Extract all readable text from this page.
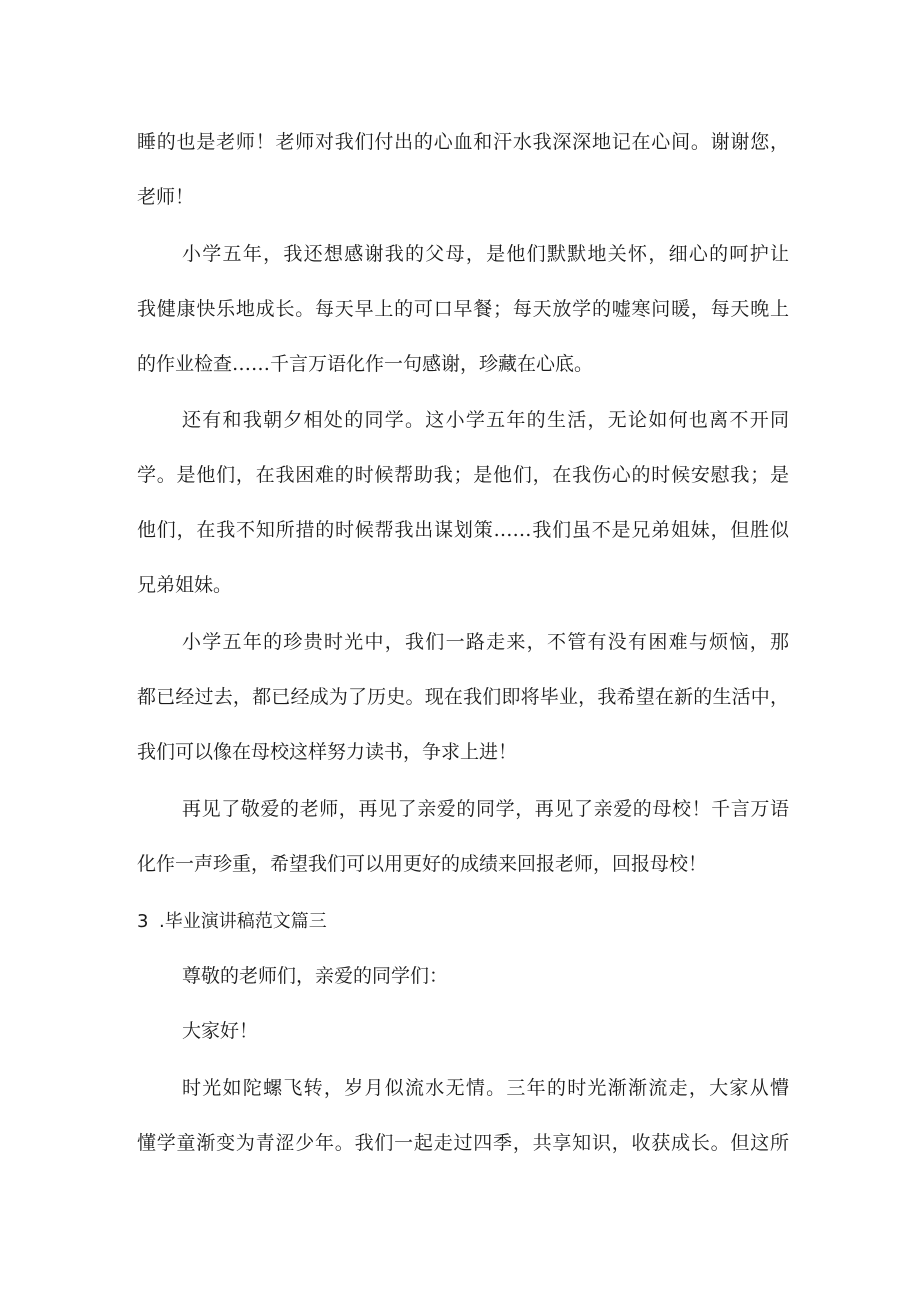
睡的也是老师！老师对我们付出的心血和汗水我深深地记在心间。谢谢您，
老师！
小学五年，我还想感谢我的父母，是他们默默地关怀，细心的呵护让
我健康快乐地成长。每天早上的可口早餐；每天放学的嘘寒问暖，每天晚上
的作业检查……千言万语化作一句感谢，珍藏在心底。
还有和我朝夕相处的同学。这小学五年的生活，无论如何也离不开同
学。是他们，在我困难的时候帮助我；是他们，在我伤心的时候安慰我；是
他们，在我不知所措的时候帮我出谋划策……我们虽不是兄弟姐妹，但胜似
兄弟姐妹。
小学五年的珍贵时光中，我们一路走来，不管有没有困难与烦恼，那
都已经过去，都已经成为了历史。现在我们即将毕业，我希望在新的生活中，
我们可以像在母校这样努力读书，争求上进！
再见了敬爱的老师，再见了亲爱的同学，再见了亲爱的母校！千言万语
化作一声珍重，希望我们可以用更好的成绩来回报老师，回报母校！
3 .毕业演讲稿范文篇三
尊敬的老师们，亲爱的同学们：
大家好！
时光如陀螺飞转，岁月似流水无情。三年的时光渐渐流走，大家从懵
懂学童渐变为青涩少年。我们一起走过四季，共享知识，收获成长。但这所
